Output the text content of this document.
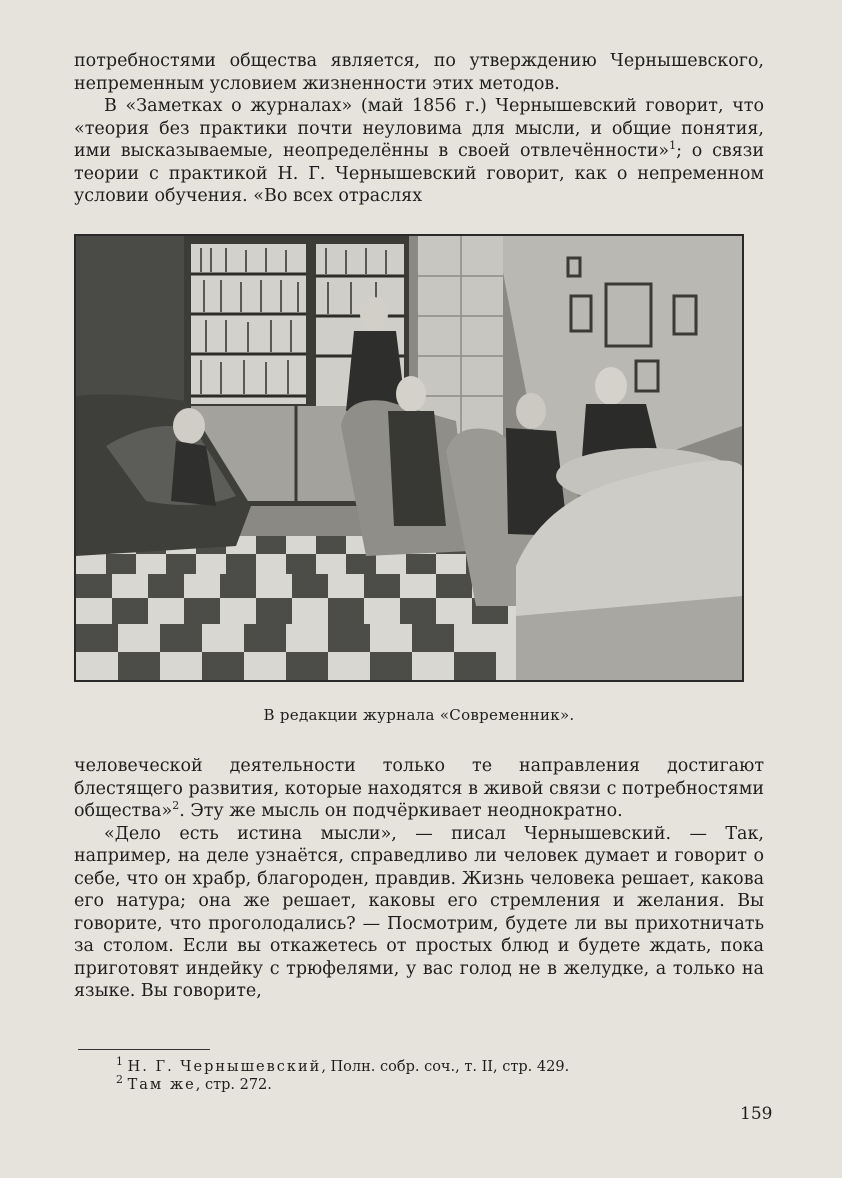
потребностями общества является, по утверждению Чернышевского, непременным условием жизненности этих методов.

В «Заметках о журналах» (май 1856 г.) Чернышевский говорит, что «теория без практики почти неуловима для мысли, и общие понятия, ими высказываемые, неопределённы в своей отвлечённости»$^1$; о связи теории с практикой Н. Г. Чернышевский говорит, как о непременном условии обучения. «Во всех отраслях

В редакции журнала «Современник».

человеческой деятельности только те направления достигают блестящего развития, которые находятся в живой связи с потребностями общества»$^2$. Эту же мысль он подчёркивает неоднократно.

«Дело есть истина мысли», — писал Чернышевский. — Так, например, на деле узнаётся, справедливо ли человек думает и говорит о себе, что он храбр, благороден, правдив. Жизнь человека решает, какова его натура; она же решает, каковы его стремления и желания. Вы говорите, что проголодались? — Посмотрим, будете ли вы прихотничать за столом. Если вы откажетесь от простых блюд и будете ждать, пока приготовят индейку с трюфелями, у вас голод не в желудке, а только на языке. Вы говорите,

$^1$ Н. Г. Чернышевский, Полн. собр. соч., т. II, стр. 429.

$^2$ Там же, стр. 272.

159
